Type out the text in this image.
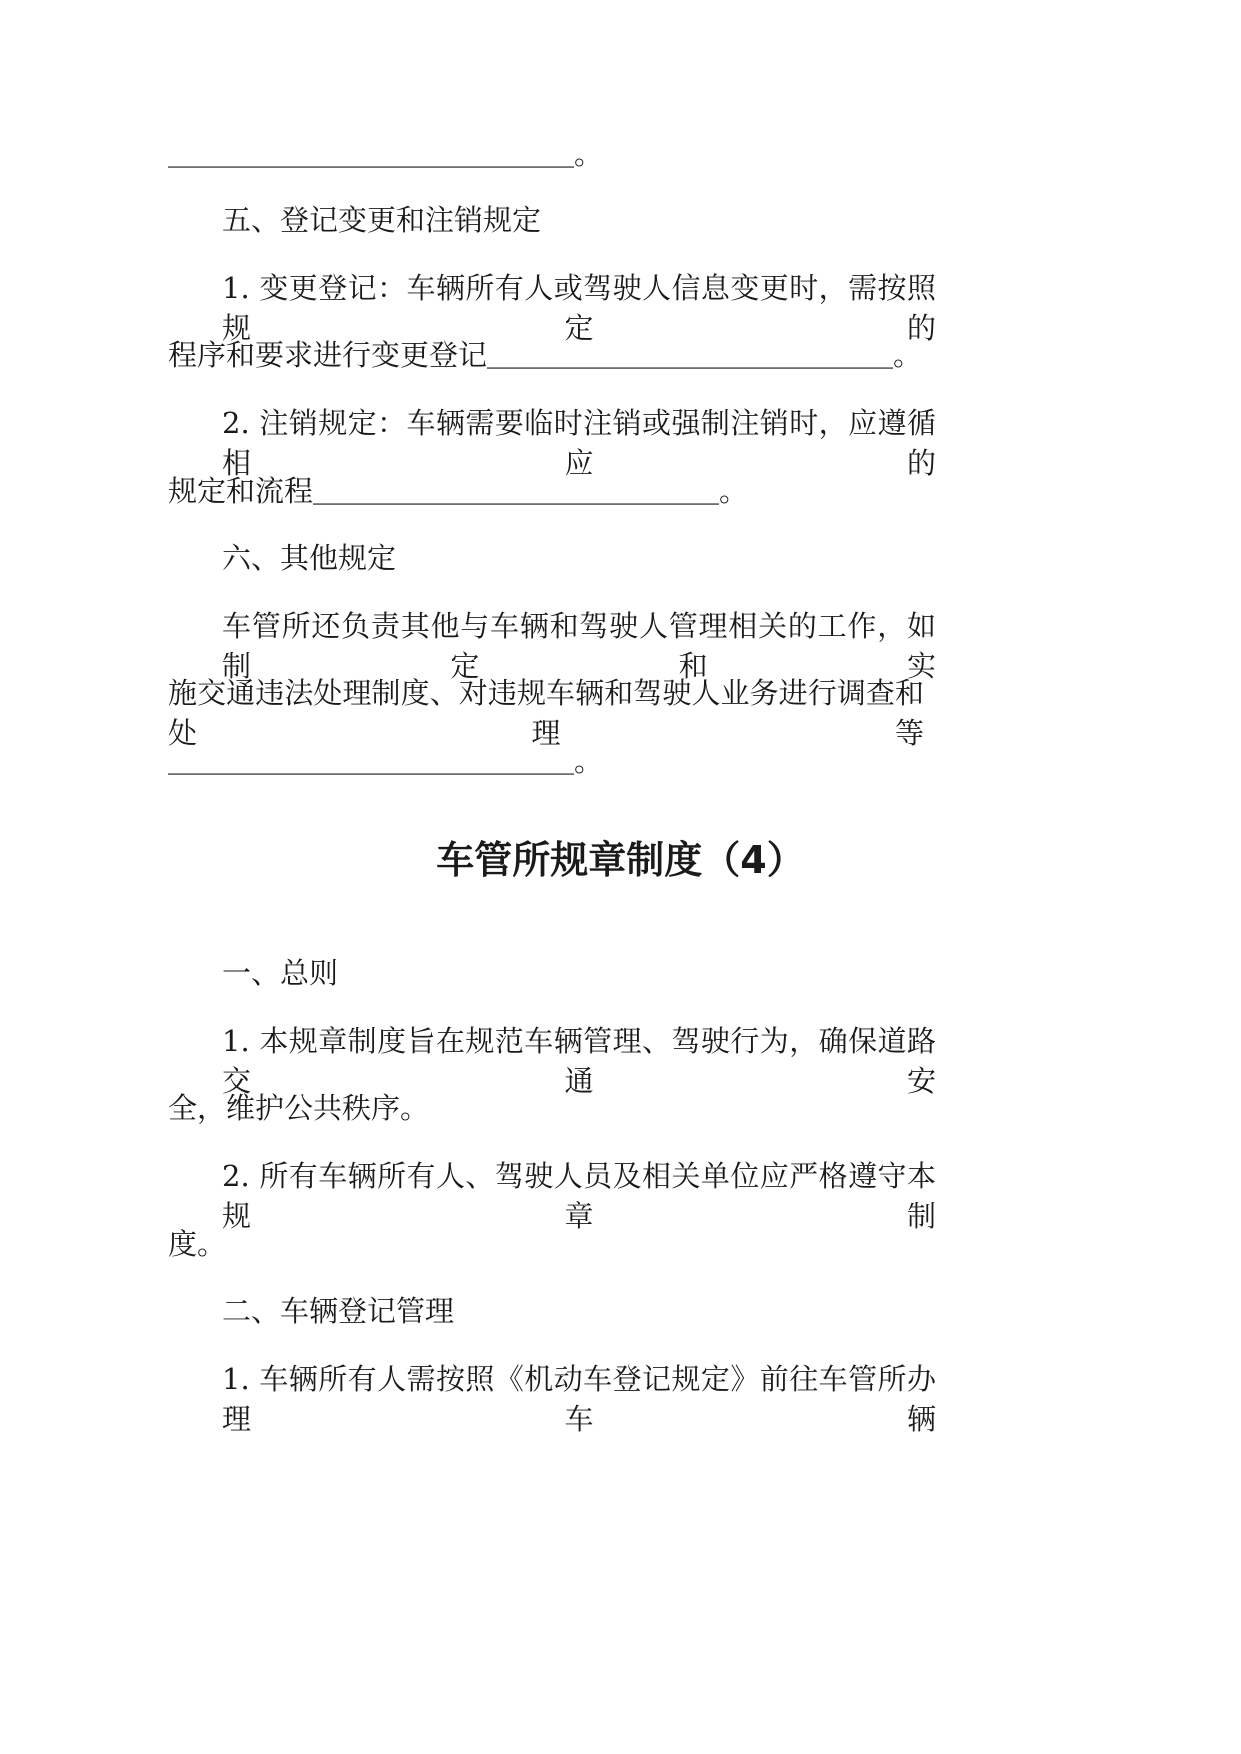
＿＿＿＿＿＿＿＿＿＿＿＿＿＿。
五、登记变更和注销规定
1. 变更登记：车辆所有人或驾驶人信息变更时，需按照规定的
程序和要求进行变更登记＿＿＿＿＿＿＿＿＿＿＿＿＿＿。
2. 注销规定：车辆需要临时注销或强制注销时，应遵循相应的
规定和流程＿＿＿＿＿＿＿＿＿＿＿＿＿＿。
六、其他规定
车管所还负责其他与车辆和驾驶人管理相关的工作，如制定和实
施交通违法处理制度、对违规车辆和驾驶人业务进行调查和处理等
＿＿＿＿＿＿＿＿＿＿＿＿＿＿。
车管所规章制度（4）
一、总则
1. 本规章制度旨在规范车辆管理、驾驶行为，确保道路交通安
全，维护公共秩序。
2. 所有车辆所有人、驾驶人员及相关单位应严格遵守本规章制
度。
二、车辆登记管理
1. 车辆所有人需按照《机动车登记规定》前往车管所办理车辆
